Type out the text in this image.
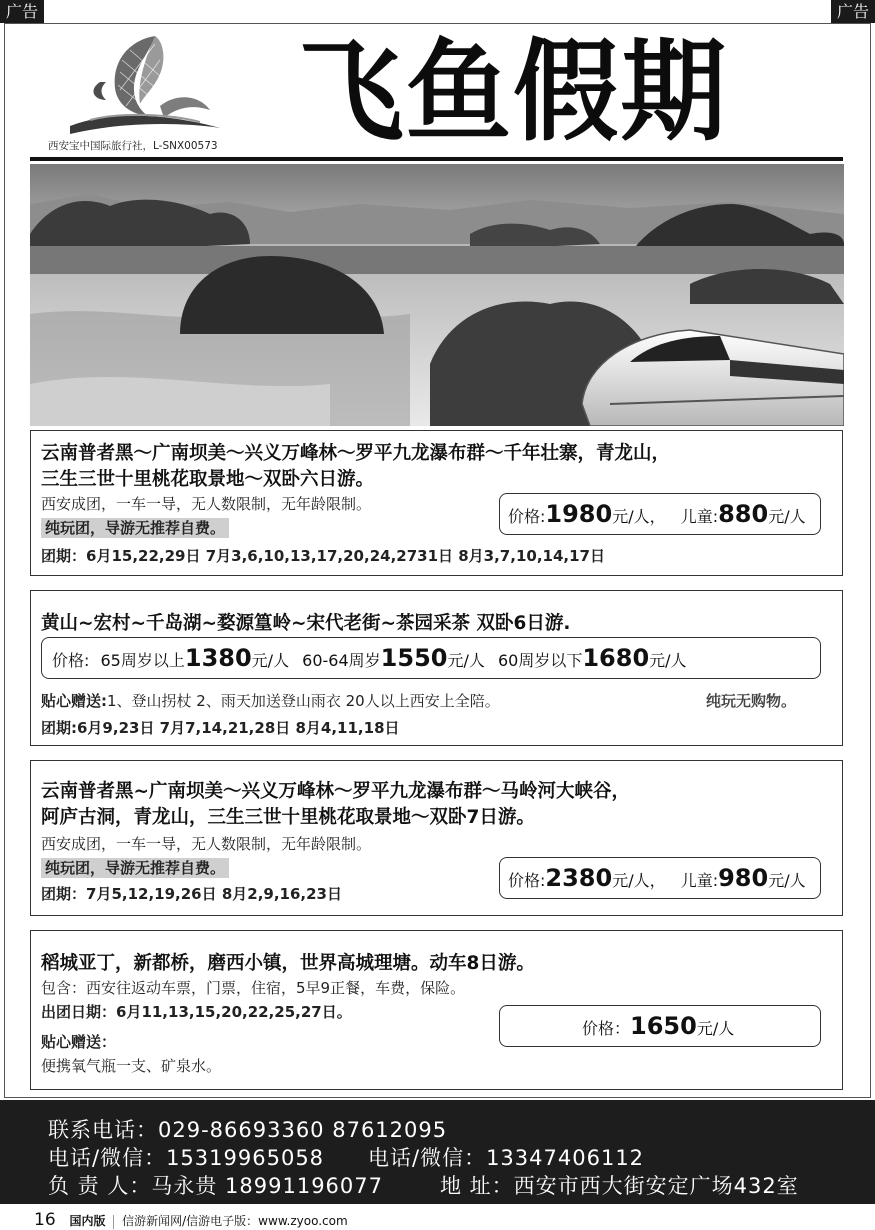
广告	广告
西安宝中国际旅行社，L-SNX00573 飞鱼假期
云南普者黑～广南坝美～兴义万峰林～罗平九龙瀑布群～千年壮寨，青龙山，
三生三世十里桃花取景地～双卧六日游。
西安成团，一车一导，无人数限制，无年龄限制。
纯玩团，导游无推荐自费。
团期：6月15,22,29日 7月3,6,10,13,17,20,24,2731日 8月3,7,10,14,17日
价格:1980元/人， 儿童:880元/人
黄山~宏村~千岛湖~婺源篁岭~宋代老街~茶园采茶 双卧6日游.
价格: 65周岁以上1380元/人 60-64周岁1550元/人 60周岁以下1680元/人
贴心赠送:1、登山拐杖 2、雨天加送登山雨衣 20人以上西安上全陪。	纯玩无购物。
团期:6月9,23日 7月7,14,21,28日 8月4,11,18日
云南普者黑~广南坝美～兴义万峰林～罗平九龙瀑布群～马岭河大峡谷，
阿庐古洞，青龙山，三生三世十里桃花取景地～双卧7日游。
西安成团，一车一导，无人数限制，无年龄限制。
纯玩团，导游无推荐自费。
团期：7月5,12,19,26日 8月2,9,16,23日
价格:2380元/人， 儿童:980元/人
稻城亚丁，新都桥，磨西小镇，世界高城理塘。动车8日游。
包含：西安往返动车票，门票，住宿，5早9正餐，车费，保险。
出团日期：6月11,13,15,20,22,25,27日。
贴心赠送：
便携氧气瓶一支、矿泉水。
价格：1650元/人
联系电话：029-86693360 87612095
电话/微信：15319965058 电话/微信：13347406112
负 责 人：马永贵 18991196077	地 址：西安市西大街安定广场432室
16 国内版 信游新闻网/信游电子版：www.zyoo.com
